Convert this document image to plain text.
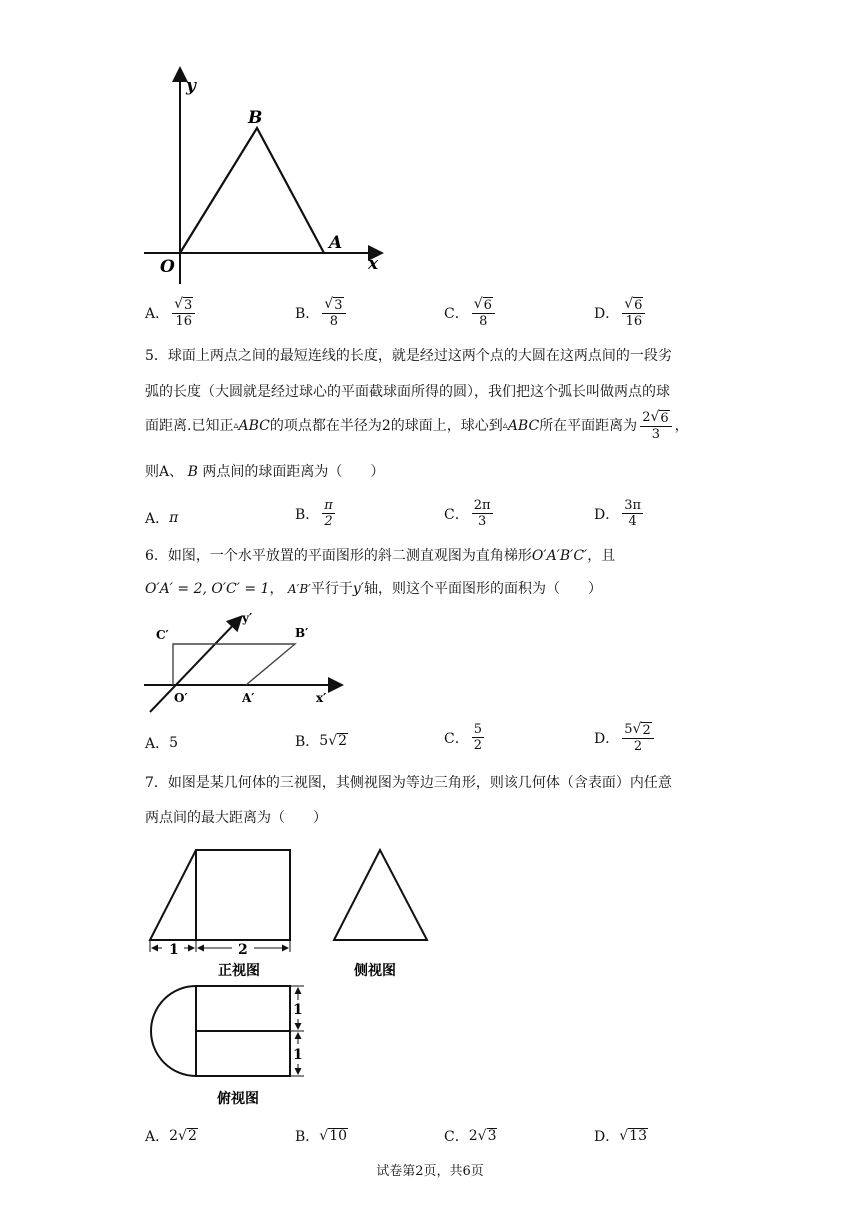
y
B
A
O	x
A． $\frac{√ 3}{16}$	B． $\frac{√ 3}{8}$	C． $\frac{√ 6}{8}$	D． $\frac{√ 6}{16}$
5．球面上两点之间的最短连线的长度，就是经过这两个点的大圆在这两点间的一段劣
弧的长度（大圆就是经过球心的平面截球面所得的圆），我们把这个弧长叫做两点的球
面距离.已知正 ▵ ABC 的项点都在半径为 2 的球面上，球心到 ▵ ABC 所在平面距离为 $\frac{2 √ 6}{3}$ ，
则A、 B 两点间的球面距离为（　　）
A． π	B． $\frac{\pi}{2}$	C． $\frac{2\pi}{3}$	D． $\frac{3\pi}{4}$
6．如图，一个水平放置的平面图形的斜二测直观图为直角梯形O′A′B′C′，且
O′A′ = 2, O′C′ = 1， A′B′平行于y′轴，则这个平面图形的面积为（　　）
C′
y′
B′
O′	A′	x′
A． 5	B． 5 √ 2	C． $\frac{5}{2}$	D． $\frac{5 √ 2}{2}$
7．如图是某几何体的三视图，其侧视图为等边三角形，则该几何体（含表面）内任意
两点间的最大距离为（　　）
1	2
正视图	侧视图
1
1
俯视图
A． 2 √ 2	B． √ 10	C． 2 √ 3	D． √ 13
试卷第2页，共6页
